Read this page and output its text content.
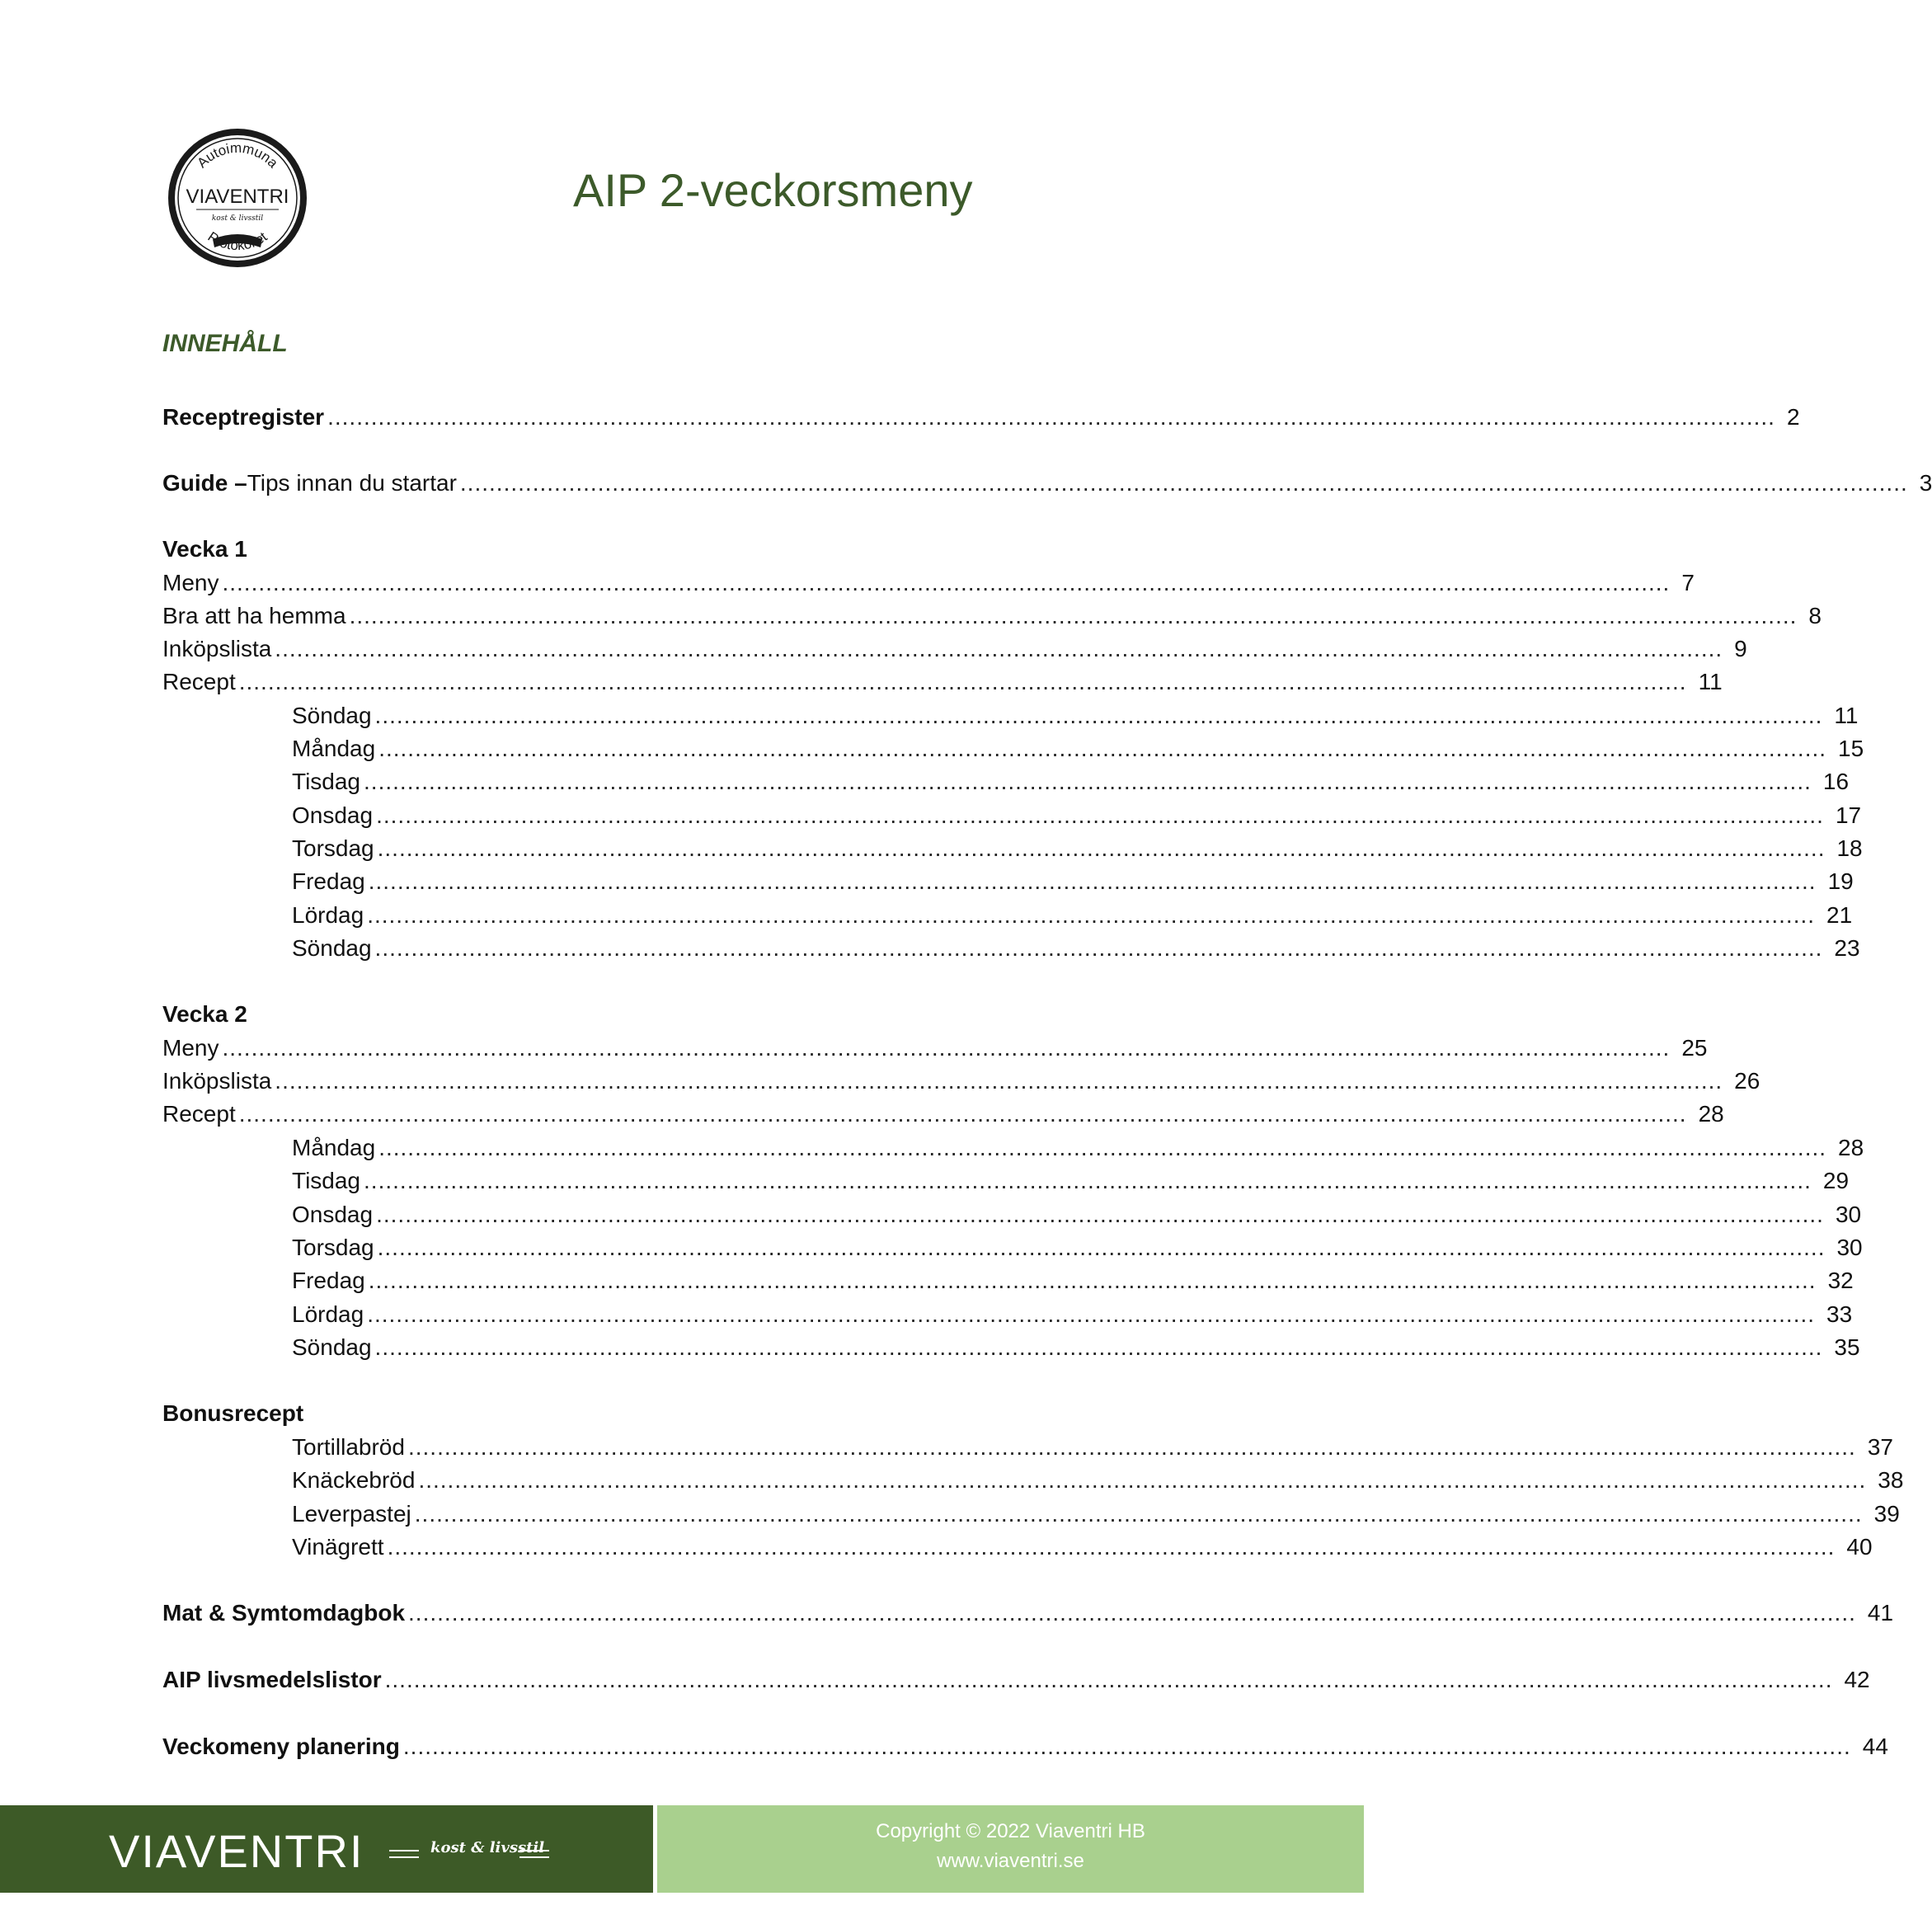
Autoimmuna
VIAVENTRI
kost & livsstil
Protokollet
AIP 2-veckorsmeny
INNEHÅLL
Receptregister ........................................................................................................................................................................................................ 2
Guide – Tips innan du startar ........................................................................................................................................................................................................ 3
Vecka 1
Meny ........................................................................................................................................................................................................ 7
Bra att ha hemma ........................................................................................................................................................................................................ 8
Inköpslista ........................................................................................................................................................................................................ 9
Recept ........................................................................................................................................................................................................ 11
Söndag ........................................................................................................................................................................................................ 11
Måndag ........................................................................................................................................................................................................ 15
Tisdag ........................................................................................................................................................................................................ 16
Onsdag ........................................................................................................................................................................................................ 17
Torsdag ........................................................................................................................................................................................................ 18
Fredag ........................................................................................................................................................................................................ 19
Lördag ........................................................................................................................................................................................................ 21
Söndag ........................................................................................................................................................................................................ 23
Vecka 2
Meny ........................................................................................................................................................................................................ 25
Inköpslista ........................................................................................................................................................................................................ 26
Recept ........................................................................................................................................................................................................ 28
Måndag ........................................................................................................................................................................................................ 28
Tisdag ........................................................................................................................................................................................................ 29
Onsdag ........................................................................................................................................................................................................ 30
Torsdag ........................................................................................................................................................................................................ 30
Fredag ........................................................................................................................................................................................................ 32
Lördag ........................................................................................................................................................................................................ 33
Söndag ........................................................................................................................................................................................................ 35
Bonusrecept
Tortillabröd ........................................................................................................................................................................................................ 37
Knäckebröd ........................................................................................................................................................................................................ 38
Leverpastej ........................................................................................................................................................................................................ 39
Vinägrett ........................................................................................................................................................................................................ 40
Mat & Symtomdagbok ........................................................................................................................................................................................................ 41
AIP livsmedelslistor ........................................................................................................................................................................................................ 42
Veckomeny planering ........................................................................................................................................................................................................ 44
VIAVENTRI	kost & livsstil
Copyright © 2022 Viaventri HB
www.viaventri.se
